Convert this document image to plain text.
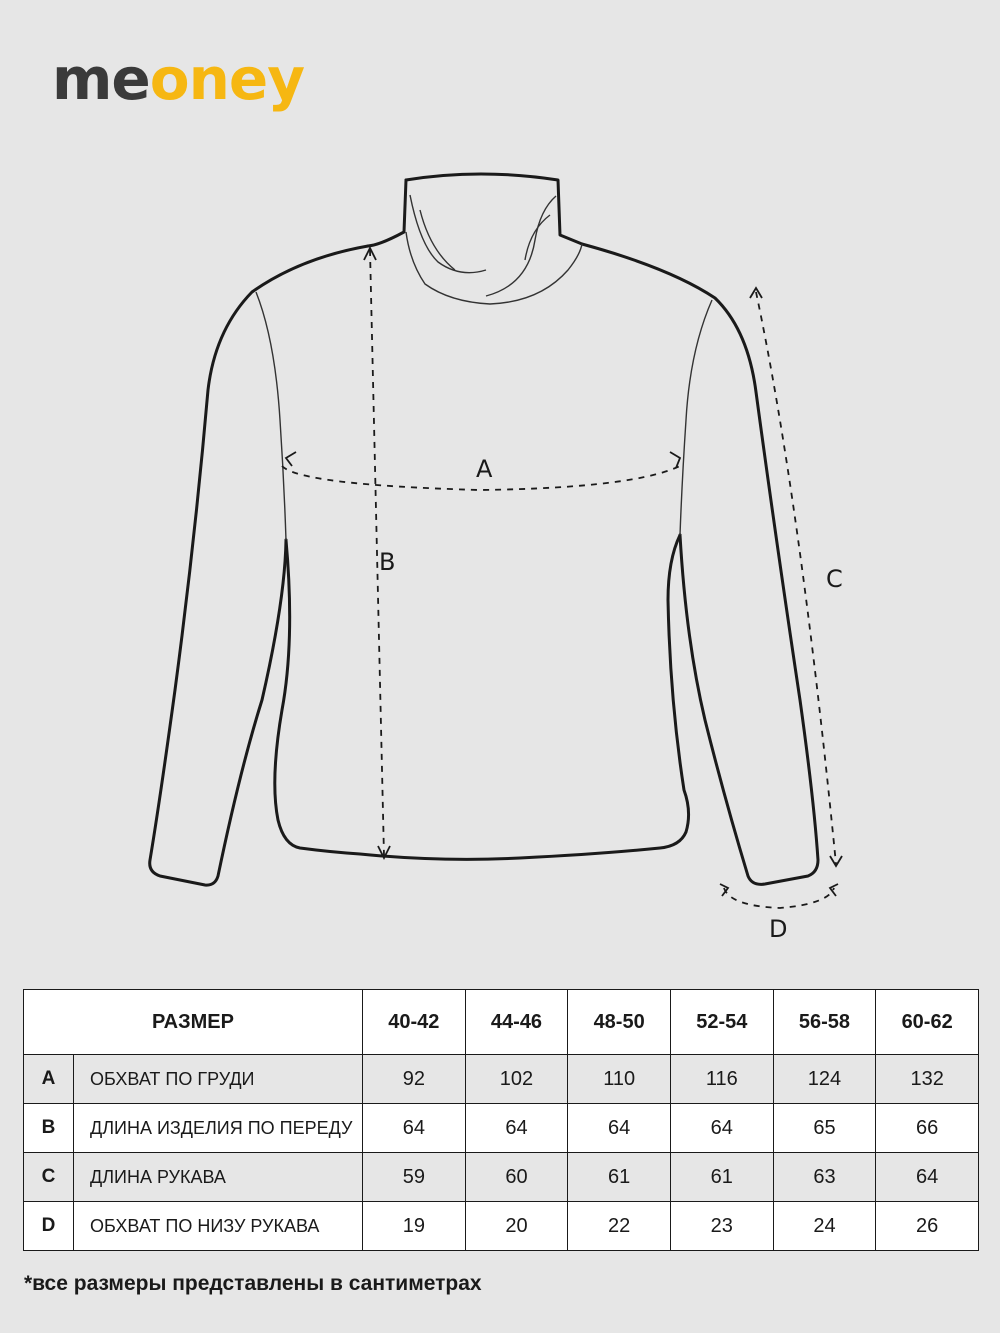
meoney
A
B
C
D
РАЗМЕР		40-42	44-46	48-50	52-54	56-58	60-62
A	ОБХВАТ ПО ГРУДИ	92	102	110	116	124	132
B	ДЛИНА ИЗДЕЛИЯ ПО ПЕРЕДУ	64	64	64	64	65	66
C	ДЛИНА РУКАВА	59	60	61	61	63	64
D	ОБХВАТ ПО НИЗУ РУКАВА	19	20	22	23	24	26
*все размеры представлены в сантиметрах
